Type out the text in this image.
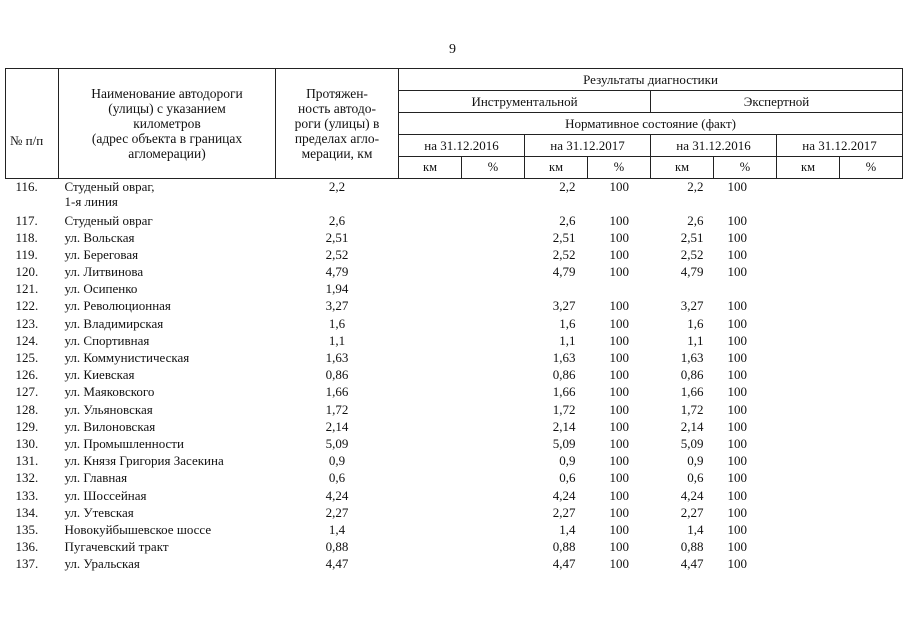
9
№ п/п	Наименование автодороги
(улицы) с указанием
километров
(адрес объекта в границах
агломерации)	Протяжен-
ность автодо-
роги (улицы) в
пределах агло-
мерации, км	Результаты диагностики							
			Инструментальной				Экспертной			
			Нормативное состояние (факт)							
			на 31.12.2016		на 31.12.2017		на 31.12.2016		на 31.12.2017	
			км	%	км	%	км	%	км	%
116.	Студеный овраг,
1-я линия	2,2			2,2	100	2,2	100		
117.	Студеный овраг	2,6			2,6	100	2,6	100		
118.	ул. Вольская	2,51			2,51	100	2,51	100		
119.	ул. Береговая	2,52			2,52	100	2,52	100		
120.	ул. Литвинова	4,79			4,79	100	4,79	100		
121.	ул. Осипенко	1,94								
122.	ул. Революционная	3,27			3,27	100	3,27	100		
123.	ул. Владимирская	1,6			1,6	100	1,6	100		
124.	ул. Спортивная	1,1			1,1	100	1,1	100		
125.	ул. Коммунистическая	1,63			1,63	100	1,63	100		
126.	ул. Киевская	0,86			0,86	100	0,86	100		
127.	ул. Маяковского	1,66			1,66	100	1,66	100		
128.	ул. Ульяновская	1,72			1,72	100	1,72	100		
129.	ул. Вилоновская	2,14			2,14	100	2,14	100		
130.	ул. Промышленности	5,09			5,09	100	5,09	100		
131.	ул. Князя Григория Засекина	0,9			0,9	100	0,9	100		
132.	ул. Главная	0,6			0,6	100	0,6	100		
133.	ул. Шоссейная	4,24			4,24	100	4,24	100		
134.	ул. Утевская	2,27			2,27	100	2,27	100		
135.	Новокуйбышевское шоссе	1,4			1,4	100	1,4	100		
136.	Пугачевский тракт	0,88			0,88	100	0,88	100		
137.	ул. Уральская	4,47			4,47	100	4,47	100		
